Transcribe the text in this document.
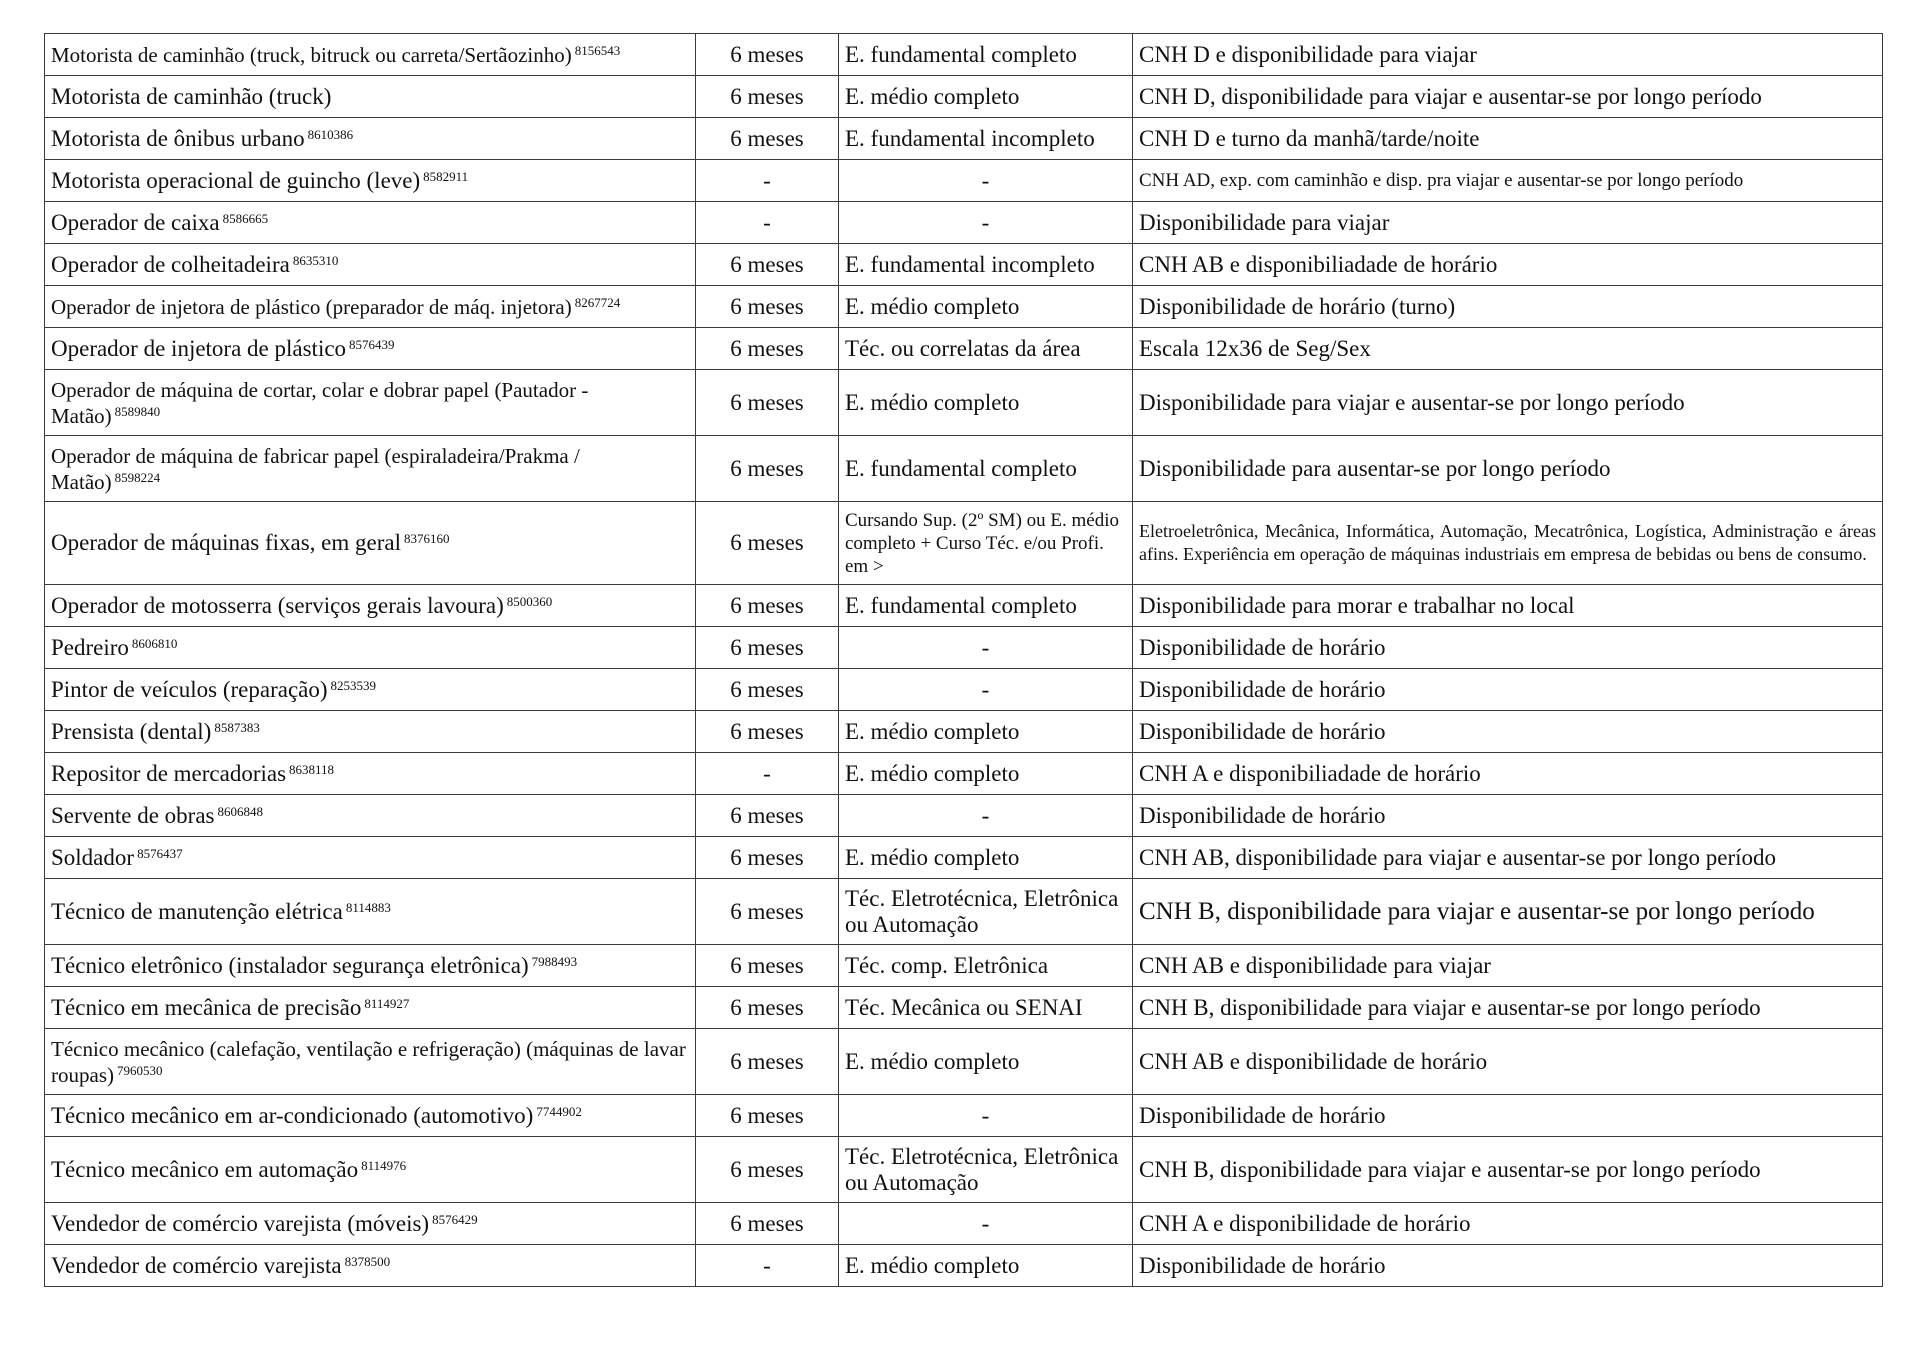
Motorista de caminhão (truck, bitruck ou carreta/Sertãozinho) $^{8156543}$	6 meses	E. fundamental completo	CNH D e disponibilidade para viajar
Motorista de caminhão (truck)	6 meses	E. médio completo	CNH D, disponibilidade para viajar e ausentar-se por longo período
Motorista de ônibus urbano $^{8610386}$	6 meses	E. fundamental incompleto	CNH D e turno da manhã/tarde/noite
Motorista operacional de guincho (leve) $^{8582911}$	-	-	CNH AD, exp. com caminhão e disp. pra viajar e ausentar-se por longo período
Operador de caixa $^{8586665}$	-	-	Disponibilidade para viajar
Operador de colheitadeira $^{8635310}$	6 meses	E. fundamental incompleto	CNH AB e disponibiliadade de horário
Operador de injetora de plástico (preparador de máq. injetora) $^{8267724}$	6 meses	E. médio completo	Disponibilidade de horário (turno)
Operador de injetora de plástico $^{8576439}$	6 meses	Téc. ou correlatas da área	Escala 12x36 de Seg/Sex
Operador de máquina de cortar, colar e dobrar papel (Pautador - Matão) $^{8589840}$	6 meses	E. médio completo	Disponibilidade para viajar e ausentar-se por longo período
Operador de máquina de fabricar papel (espiraladeira/Prakma / Matão) $^{8598224}$	6 meses	E. fundamental completo	Disponibilidade para ausentar-se por longo período
Operador de máquinas fixas, em geral $^{8376160}$	6 meses	Cursando Sup. (2º SM) ou E. médio completo + Curso Téc. e/ou Profi. em >	Eletroeletrônica, Mecânica, Informática, Automação, Mecatrônica, Logística, Administração e áreas afins. Experiência em operação de máquinas industriais em empresa de bebidas ou bens de consumo.
Operador de motosserra (serviços gerais lavoura) $^{8500360}$	6 meses	E. fundamental completo	Disponibilidade para morar e trabalhar no local
Pedreiro $^{8606810}$	6 meses	-	Disponibilidade de horário
Pintor de veículos (reparação) $^{8253539}$	6 meses	-	Disponibilidade de horário
Prensista (dental) $^{8587383}$	6 meses	E. médio completo	Disponibilidade de horário
Repositor de mercadorias $^{8638118}$	-	E. médio completo	CNH A e disponibiliadade de horário
Servente de obras $^{8606848}$	6 meses	-	Disponibilidade de horário
Soldador $^{8576437}$	6 meses	E. médio completo	CNH AB, disponibilidade para viajar e ausentar-se por longo período
Técnico de manutenção elétrica $^{8114883}$	6 meses	Téc. Eletrotécnica, Eletrônica ou Automação	CNH B, disponibilidade para viajar e ausentar-se por longo período
Técnico eletrônico (instalador segurança eletrônica) $^{7988493}$	6 meses	Téc. comp. Eletrônica	CNH AB e disponibilidade para viajar
Técnico em mecânica de precisão $^{8114927}$	6 meses	Téc. Mecânica ou SENAI	CNH B, disponibilidade para viajar e ausentar-se por longo período
Técnico mecânico (calefação, ventilação e refrigeração) (máquinas de lavar roupas) $^{7960530}$	6 meses	E. médio completo	CNH AB e disponibilidade de horário
Técnico mecânico em ar-condicionado (automotivo) $^{7744902}$	6 meses	-	Disponibilidade de horário
Técnico mecânico em automação $^{8114976}$	6 meses	Téc. Eletrotécnica, Eletrônica ou Automação	CNH B, disponibilidade para viajar e ausentar-se por longo período
Vendedor de comércio varejista (móveis) $^{8576429}$	6 meses	-	CNH A e disponibilidade de horário
Vendedor de comércio varejista $^{8378500}$	-	E. médio completo	Disponibilidade de horário
